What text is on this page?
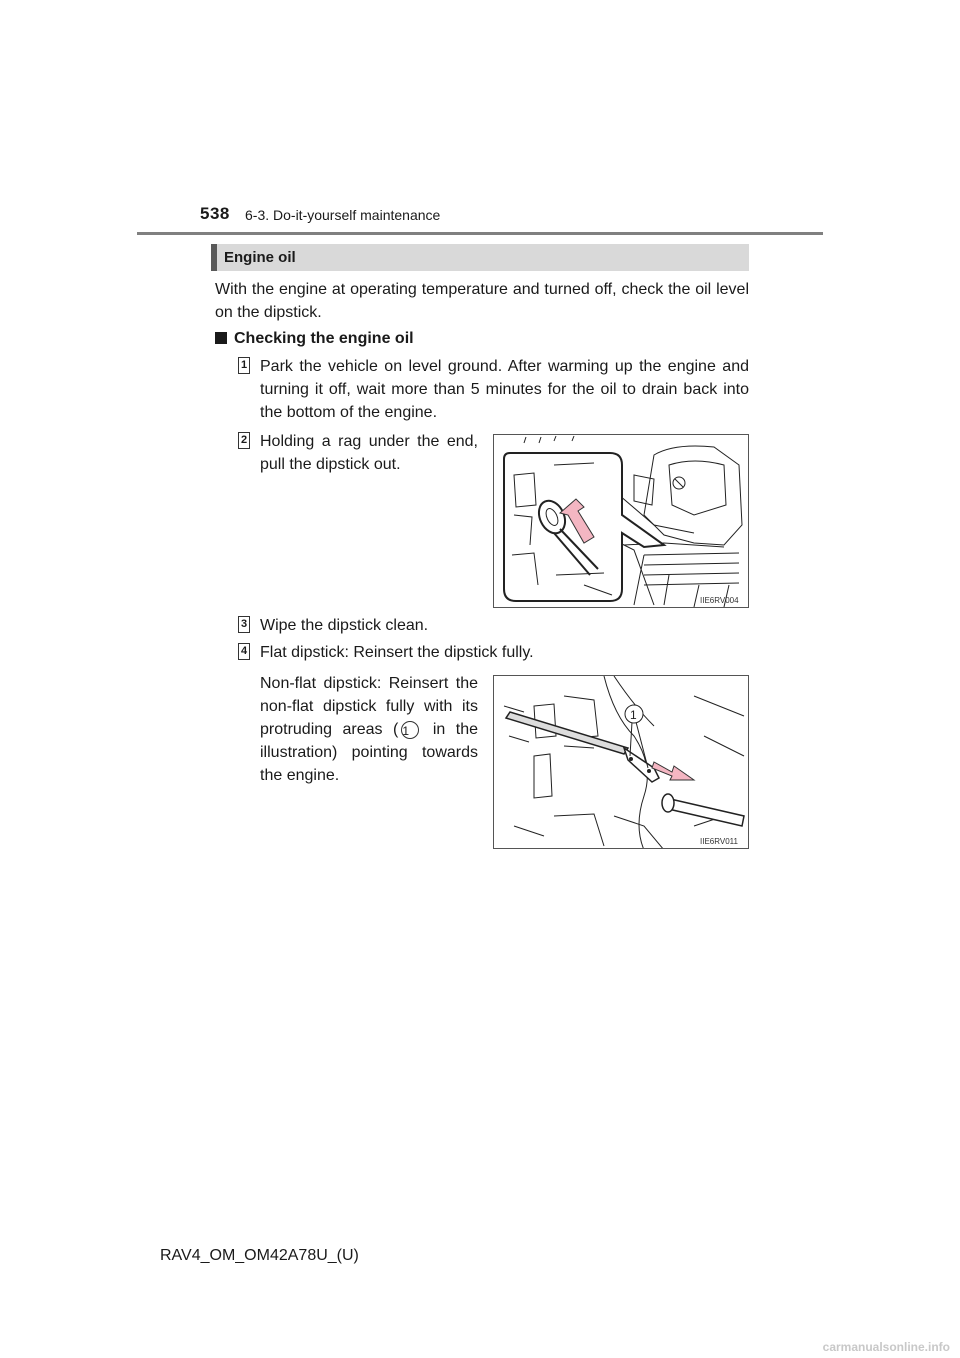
538 6-3. Do-it-yourself maintenance
Engine oil
With the engine at operating temperature and turned off, check the oil level on the dipstick.
Checking the engine oil
1 Park the vehicle on level ground. After warming up the engine and turning it off, wait more than 5 minutes for the oil to drain back into the bottom of the engine.
2 Holding a rag under the end, pull the dipstick out.
IIE6RV004
3 Wipe the dipstick clean.
4 Flat dipstick: Reinsert the dipstick fully.
Non-flat dipstick: Reinsert the non-flat dipstick fully with its protruding areas ( 1 in the illustration) pointing towards the engine.
1
IIE6RV011
RAV4_OM_OM42A78U_(U)
carmanualsonline.info
